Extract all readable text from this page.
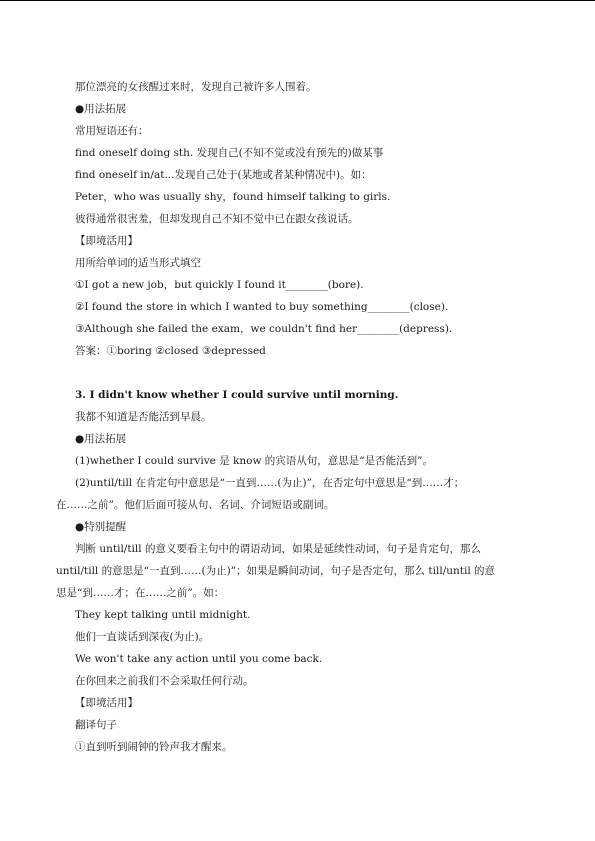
那位漂亮的女孩醒过来时，发现自己被许多人围着。
●用法拓展
常用短语还有：
find oneself doing sth. 发现自己(不知不觉或没有预先的)做某事
find oneself in/at...发现自己处于(某地或者某种情况中)。如：
Peter，who was usually shy，found himself talking to girls.
彼得通常很害羞，但却发现自己不知不觉中已在跟女孩说话。
【即境活用】
用所给单词的适当形式填空
①I got a new job，but quickly I found it________(bore).
②I found the store in which I wanted to buy something________(close).
③Although she failed the exam，we couldn't find her________(depress).
答案：①boring ②closed ③depressed
3. I didn't know whether I could survive until morning.
我都不知道是否能活到早晨。
●用法拓展
(1)whether I could survive 是 know 的宾语从句，意思是“是否能活到”。
(2)until/till 在肯定句中意思是“一直到……(为止)”，在否定句中意思是“到……才；
在……之前”。他们后面可接从句、名词、介词短语或副词。
●特别提醒
判断 until/till 的意义要看主句中的谓语动词，如果是延续性动词，句子是肯定句，那么
until/till 的意思是“一直到……(为止)”；如果是瞬间动词，句子是否定句，那么 till/until 的意
思是“到……才；在……之前”。如：
They kept talking until midnight.
他们一直谈话到深夜(为止)。
We won't take any action until you come back.
在你回来之前我们不会采取任何行动。
【即境活用】
翻译句子
①直到听到闹钟的铃声我才醒来。
